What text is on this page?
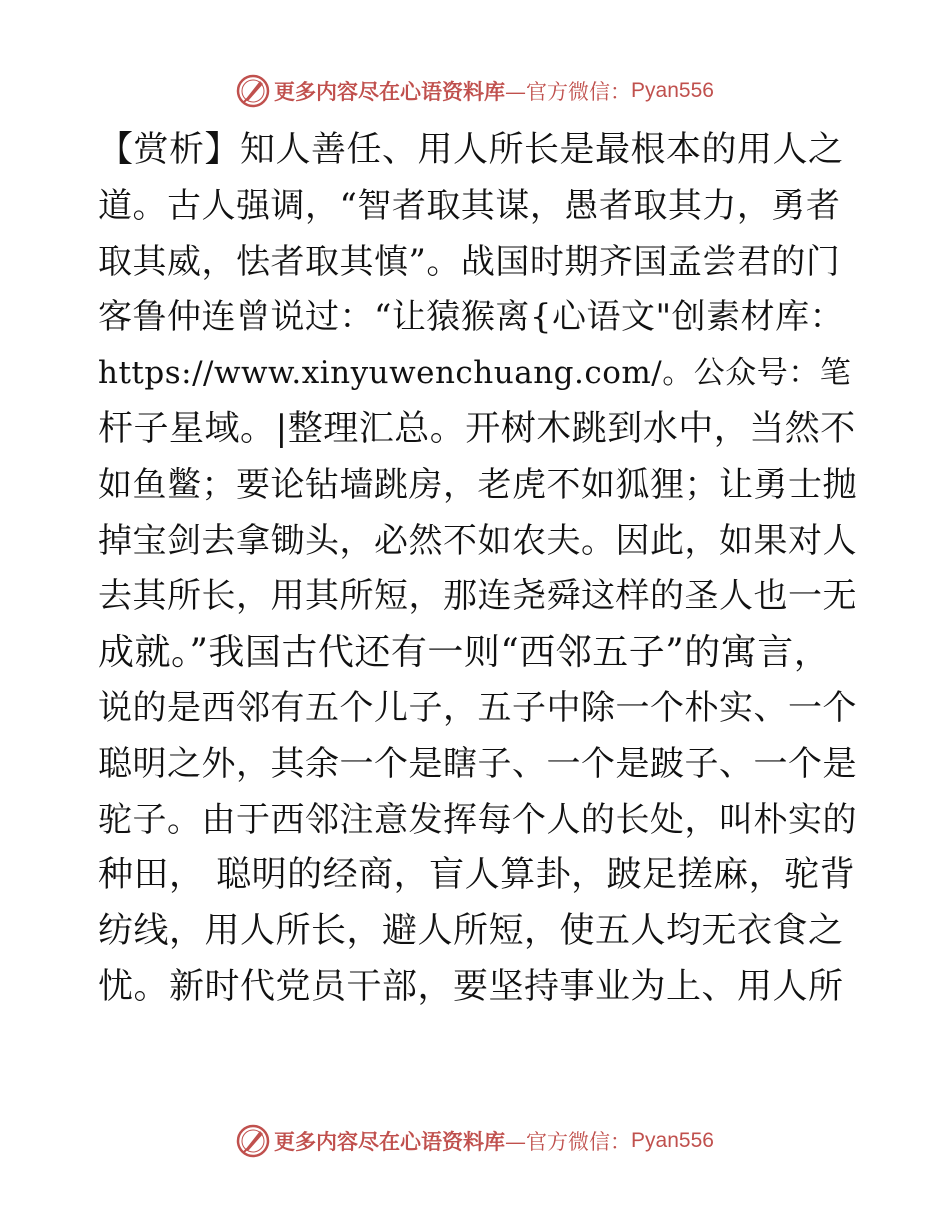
更多内容尽在心语资料库 —官方微信： Pyan556
【赏析】知人善任、用人所长是最根本的用人之
道。古人强调，“智者取其谋，愚者取其力，勇者
取其威，怯者取其慎”。战国时期齐国孟尝君的门
客鲁仲连曾说过：“让猿猴离{心语文"创素材库：
https://www.xinyuwenchuang.com/。公众号：笔
杆子星域。|整理汇总。开树木跳到水中，当然不
如鱼鳖；要论钻墙跳房，老虎不如狐狸；让勇士抛
掉宝剑去拿锄头，必然不如农夫。因此，如果对人
去其所长，用其所短，那连尧舜这样的圣人也一无
成就。”我国古代还有一则“西邻五子”的寓言，
说的是西邻有五个儿子，五子中除一个朴实、一个
聪明之外，其余一个是瞎子、一个是跛子、一个是
驼子。由于西邻注意发挥每个人的长处，叫朴实的
种田， 聪明的经商，盲人算卦，跛足搓麻，驼背
纺线，用人所长，避人所短，使五人均无衣食之
忧。新时代党员干部，要坚持事业为上、用人所
更多内容尽在心语资料库 —官方微信： Pyan556
